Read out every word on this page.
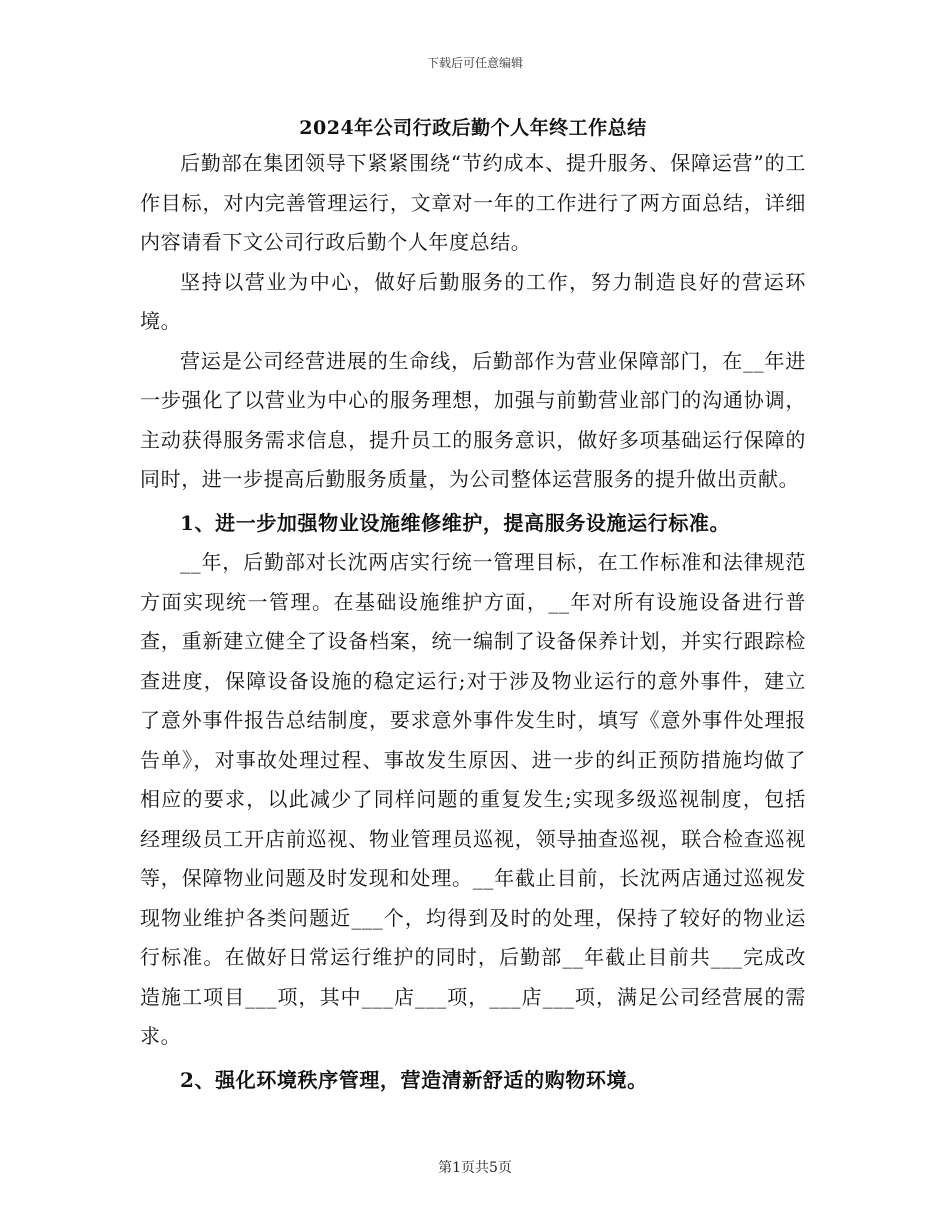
下载后可任意编辑
2024年公司行政后勤个人年终工作总结

后勤部在集团领导下紧紧围绕“节约成本、提升服务、保障运营”的工作目标，对内完善管理运行，文章对一年的工作进行了两方面总结，详细内容请看下文公司行政后勤个人年度总结。

坚持以营业为中心，做好后勤服务的工作，努力制造良好的营运环境。

营运是公司经营进展的生命线，后勤部作为营业保障部门，在__年进一步强化了以营业为中心的服务理想，加强与前勤营业部门的沟通协调，主动获得服务需求信息，提升员工的服务意识，做好多项基础运行保障的同时，进一步提高后勤服务质量，为公司整体运营服务的提升做出贡献。

1、进一步加强物业设施维修维护，提高服务设施运行标准。

__年，后勤部对长沈两店实行统一管理目标，在工作标准和法律规范方面实现统一管理。在基础设施维护方面，__年对所有设施设备进行普查，重新建立健全了设备档案，统一编制了设备保养计划，并实行跟踪检查进度，保障设备设施的稳定运行;对于涉及物业运行的意外事件，建立了意外事件报告总结制度，要求意外事件发生时，填写《意外事件处理报告单》，对事故处理过程、事故发生原因、进一步的纠正预防措施均做了相应的要求，以此减少了同样问题的重复发生;实现多级巡视制度，包括经理级员工开店前巡视、物业管理员巡视，领导抽查巡视，联合检查巡视等，保障物业问题及时发现和处理。__年截止目前，长沈两店通过巡视发现物业维护各类问题近___个，均得到及时的处理，保持了较好的物业运行标准。在做好日常运行维护的同时，后勤部__年截止目前共___完成改造施工项目___项，其中___店___项，___店___项，满足公司经营展的需求。

2、强化环境秩序管理，营造清新舒适的购物环境。

第1页共5页
